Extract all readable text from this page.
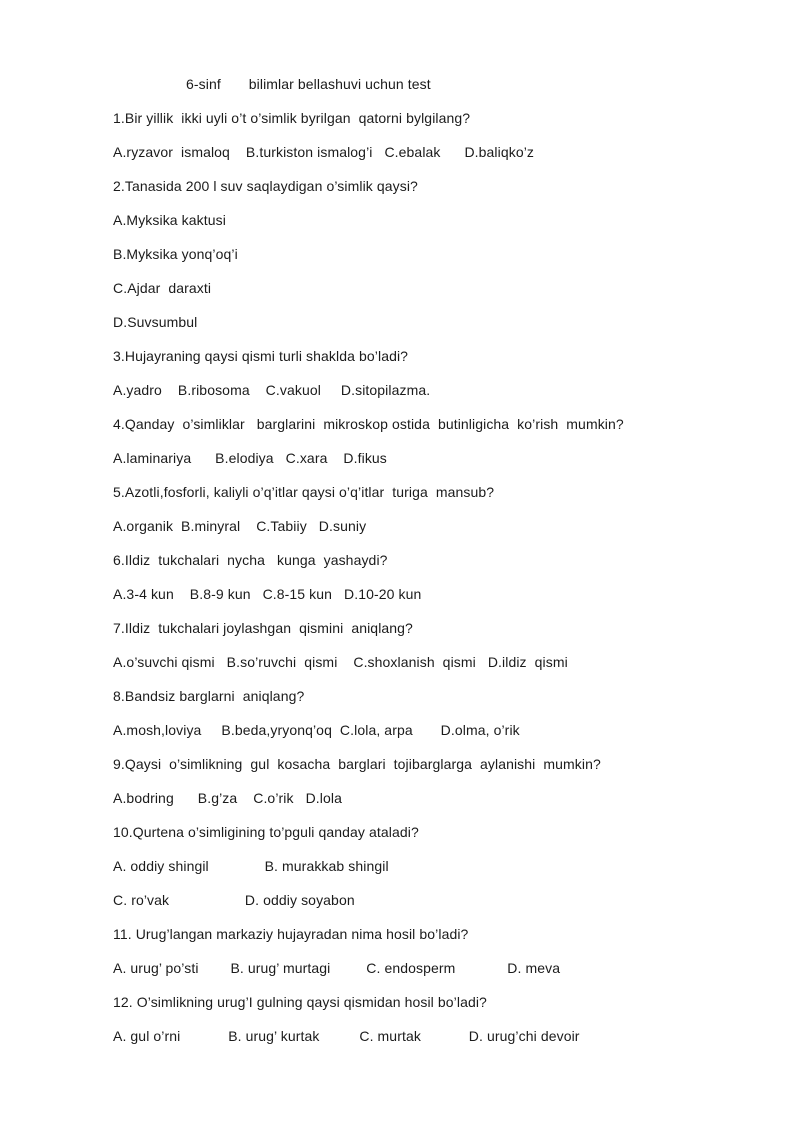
6-sinf       bilimlar bellashuvi uchun test
1.Bir yillik  ikki uyli o’t o’simlik byrilgan  qatorni bylgilang?
A.ryzavor  ismaloq    B.turkiston ismalog’i   C.ebalak      D.baliqko’z
2.Tanasida 200 l suv saqlaydigan o’simlik qaysi?
A.Myksika kaktusi
B.Myksika yonq’oq’i
C.Ajdar  daraxti
D.Suvsumbul
3.Hujayraning qaysi qismi turli shaklda bo’ladi?
A.yadro    B.ribosoma    C.vakuol     D.sitopilazma.
4.Qanday  o’simliklar   barglarini  mikroskop ostida  butinligicha  ko’rish  mumkin?
A.laminariya      B.elodiya   C.xara    D.fikus
5.Azotli,fosforli, kaliyli o’q’itlar qaysi o’q’itlar  turiga  mansub?
A.organik  B.minyral    C.Tabiiy   D.suniy
6.Ildiz  tukchalari  nycha   kunga  yashaydi?
A.3-4 kun    B.8-9 kun   C.8-15 kun   D.10-20 kun
7.Ildiz  tukchalari joylashgan  qismini  aniqlang?
A.o’suvchi qismi   B.so’ruvchi  qismi    C.shoxlanish  qismi   D.ildiz  qismi
8.Bandsiz barglarni  aniqlang?
A.mosh,loviya     B.beda,yryonq’oq  C.lola, arpa       D.olma, o’rik
9.Qaysi  o’simlikning  gul  kosacha  barglari  tojibarglarga  aylanishi  mumkin?
A.bodring      B.g’za    C.o’rik   D.lola
10.Qurtena o’simligining to’pguli qanday ataladi?
A. oddiy shingil              B. murakkab shingil
C. ro’vak                   D. oddiy soyabon
11. Urug’langan markaziy hujayradan nima hosil bo’ladi?
A. urug’ po’sti        B. urug’ murtagi         C. endosperm             D. meva
12. O’simlikning urug’I gulning qaysi qismidan hosil bo’ladi?
A. gul o’rni            B. urug’ kurtak          C. murtak            D. urug’chi devoir
